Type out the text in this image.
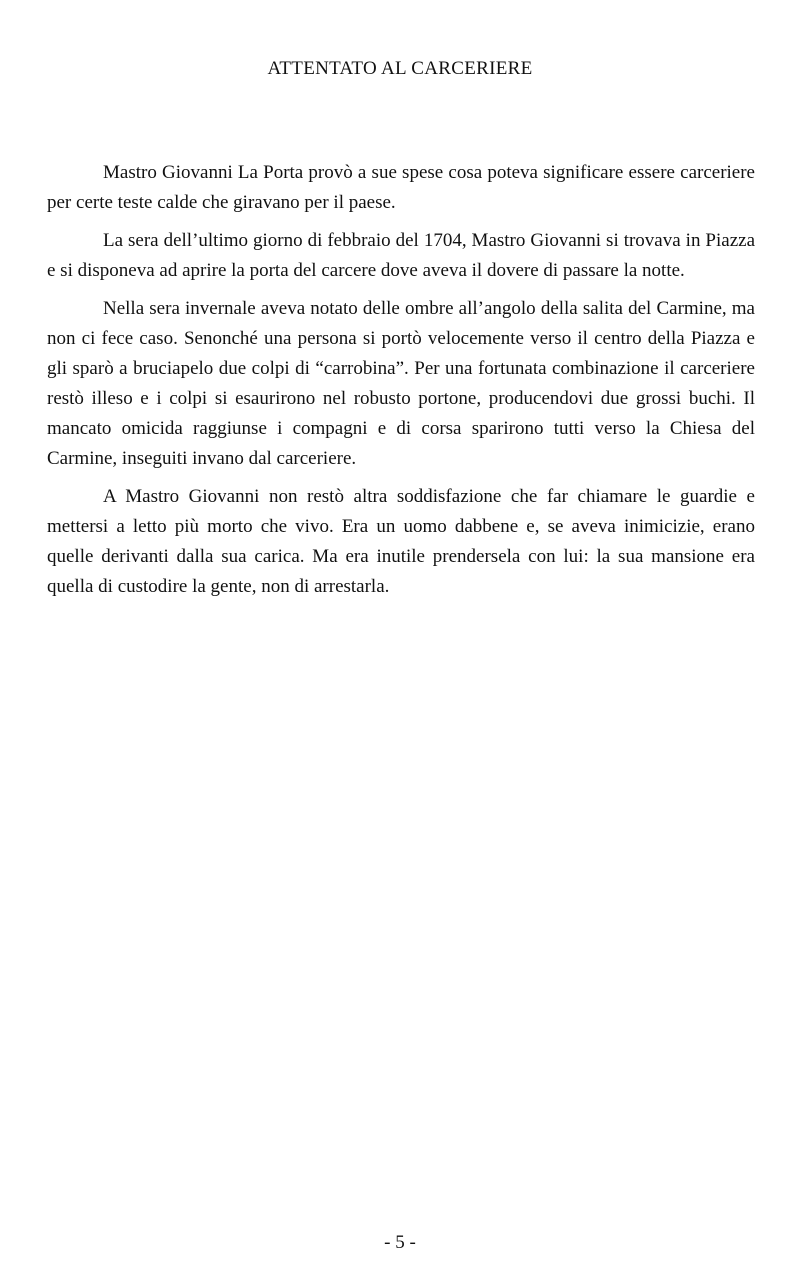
ATTENTATO AL CARCERIERE

Mastro Giovanni La Porta provò a sue spese cosa poteva significare essere carceriere per certe teste calde che giravano per il paese.

La sera dell’ultimo giorno di febbraio del 1704, Mastro Giovanni si trovava in Piazza e si disponeva ad aprire la porta del carcere dove aveva il dovere di passare la notte.

Nella sera invernale aveva notato delle ombre all’angolo della salita del Carmine, ma non ci fece caso. Senonché una persona si portò velocemente verso il centro della Piazza e gli sparò a bruciapelo due colpi di “carrobina”. Per una fortunata combinazione il carceriere restò illeso e i colpi si esaurirono nel robusto portone, producendovi due grossi buchi. Il mancato omicida raggiunse i compagni e di corsa sparirono tutti verso la Chiesa del Carmine, inseguiti invano dal carceriere.

A Mastro Giovanni non restò altra soddisfazione che far chiamare le guardie e mettersi a letto più morto che vivo. Era un uomo dabbene e, se aveva inimicizie, erano quelle derivanti dalla sua carica. Ma era inutile prendersela con lui: la sua mansione era quella di custodire la gente, non di arrestarla.

- 5 -
